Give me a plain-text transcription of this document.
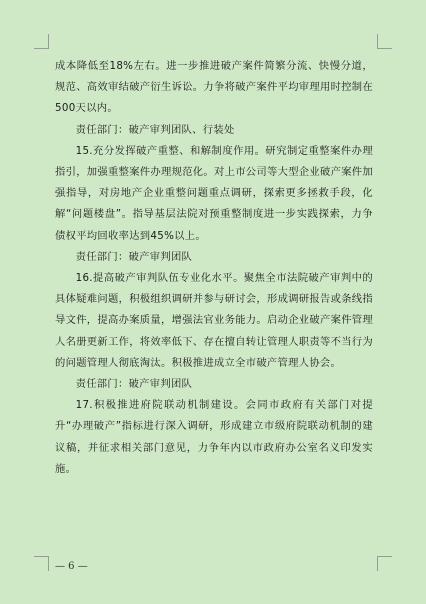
成本降低至18%左右。进一步推进破产案件简繁分流、快慢分道，规范、高效审结破产衍生诉讼。力争将破产案件平均审理用时控制在500天以内。

责任部门：破产审判团队、行装处

15.充分发挥破产重整、和解制度作用。研究制定重整案件办理指引，加强重整案件办理规范化。对上市公司等大型企业破产案件加强指导，对房地产企业重整问题重点调研，探索更多拯救手段，化解“问题楼盘”。指导基层法院对预重整制度进一步实践探索，力争债权平均回收率达到45%以上。

责任部门：破产审判团队

16.提高破产审判队伍专业化水平。聚焦全市法院破产审判中的具体疑难问题，积极组织调研并参与研讨会，形成调研报告或条线指导文件，提高办案质量，增强法官业务能力。启动企业破产案件管理人名册更新工作，将效率低下、存在擅自转让管理人职责等不当行为的问题管理人彻底淘汰。积极推进成立全市破产管理人协会。

责任部门：破产审判团队

17.积极推进府院联动机制建设。会同市政府有关部门对提升“办理破产”指标进行深入调研，形成建立市级府院联动机制的建议稿，并征求相关部门意见，力争年内以市政府办公室名义印发实施。

— 6 —
